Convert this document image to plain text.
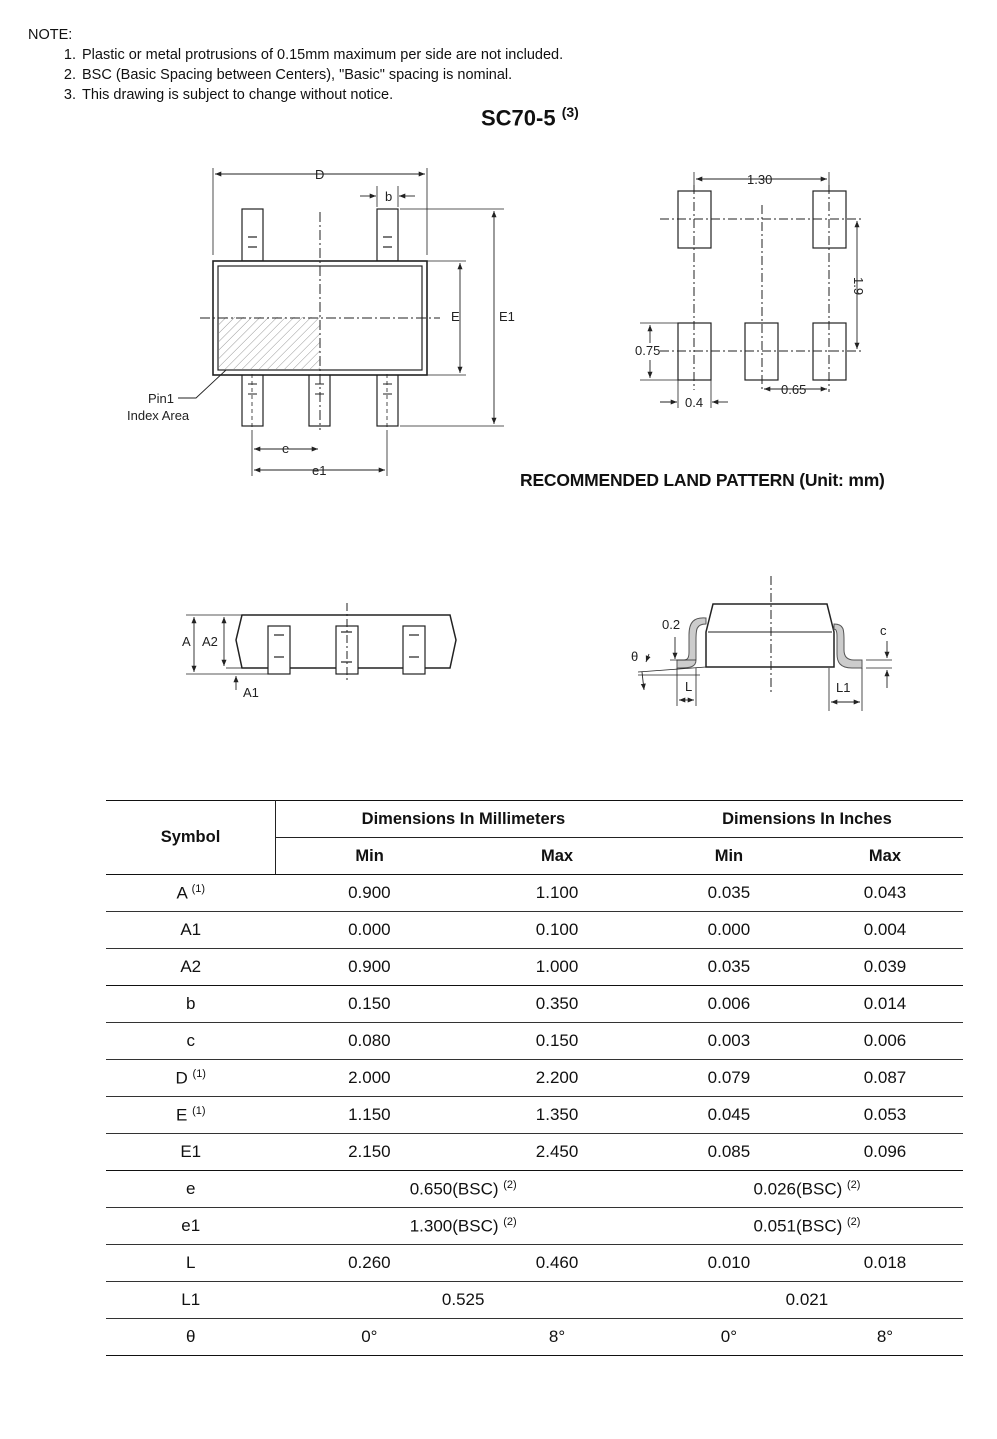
NOTE:
1. Plastic or metal protrusions of 0.15mm maximum per side are not included.
2. BSC (Basic Spacing between Centers), "Basic" spacing is nominal.
3. This drawing is subject to change without notice.
SC70-5 $^{(3)}$
RECOMMENDED LAND PATTERN (Unit: mm)
D
b
E	E1
e
e1
Pin1
Index Area
1.30
1.9
0.75
0.4
0.65
A A2
A1
0.2
θ
c
L	L1
Symbol	Dimensions In Millimeters		Dimensions In Inches	
	Min	Max	Min	Max
A $^{(1)}$	0.900	1.100	0.035	0.043
A1	0.000	0.100	0.000	0.004
A2	0.900	1.000	0.035	0.039
b	0.150	0.350	0.006	0.014
c	0.080	0.150	0.003	0.006
D $^{(1)}$	2.000	2.200	0.079	0.087
E $^{(1)}$	1.150	1.350	0.045	0.053
E1	2.150	2.450	0.085	0.096
e	0.650(BSC) $^{(2)}$		0.026(BSC) $^{(2)}$
e1	1.300(BSC) $^{(2)}$		0.051(BSC) $^{(2)}$
L	0.260	0.460	0.010	0.018
L1	0.525		0.021	
θ	0°	8°	0°	8°
